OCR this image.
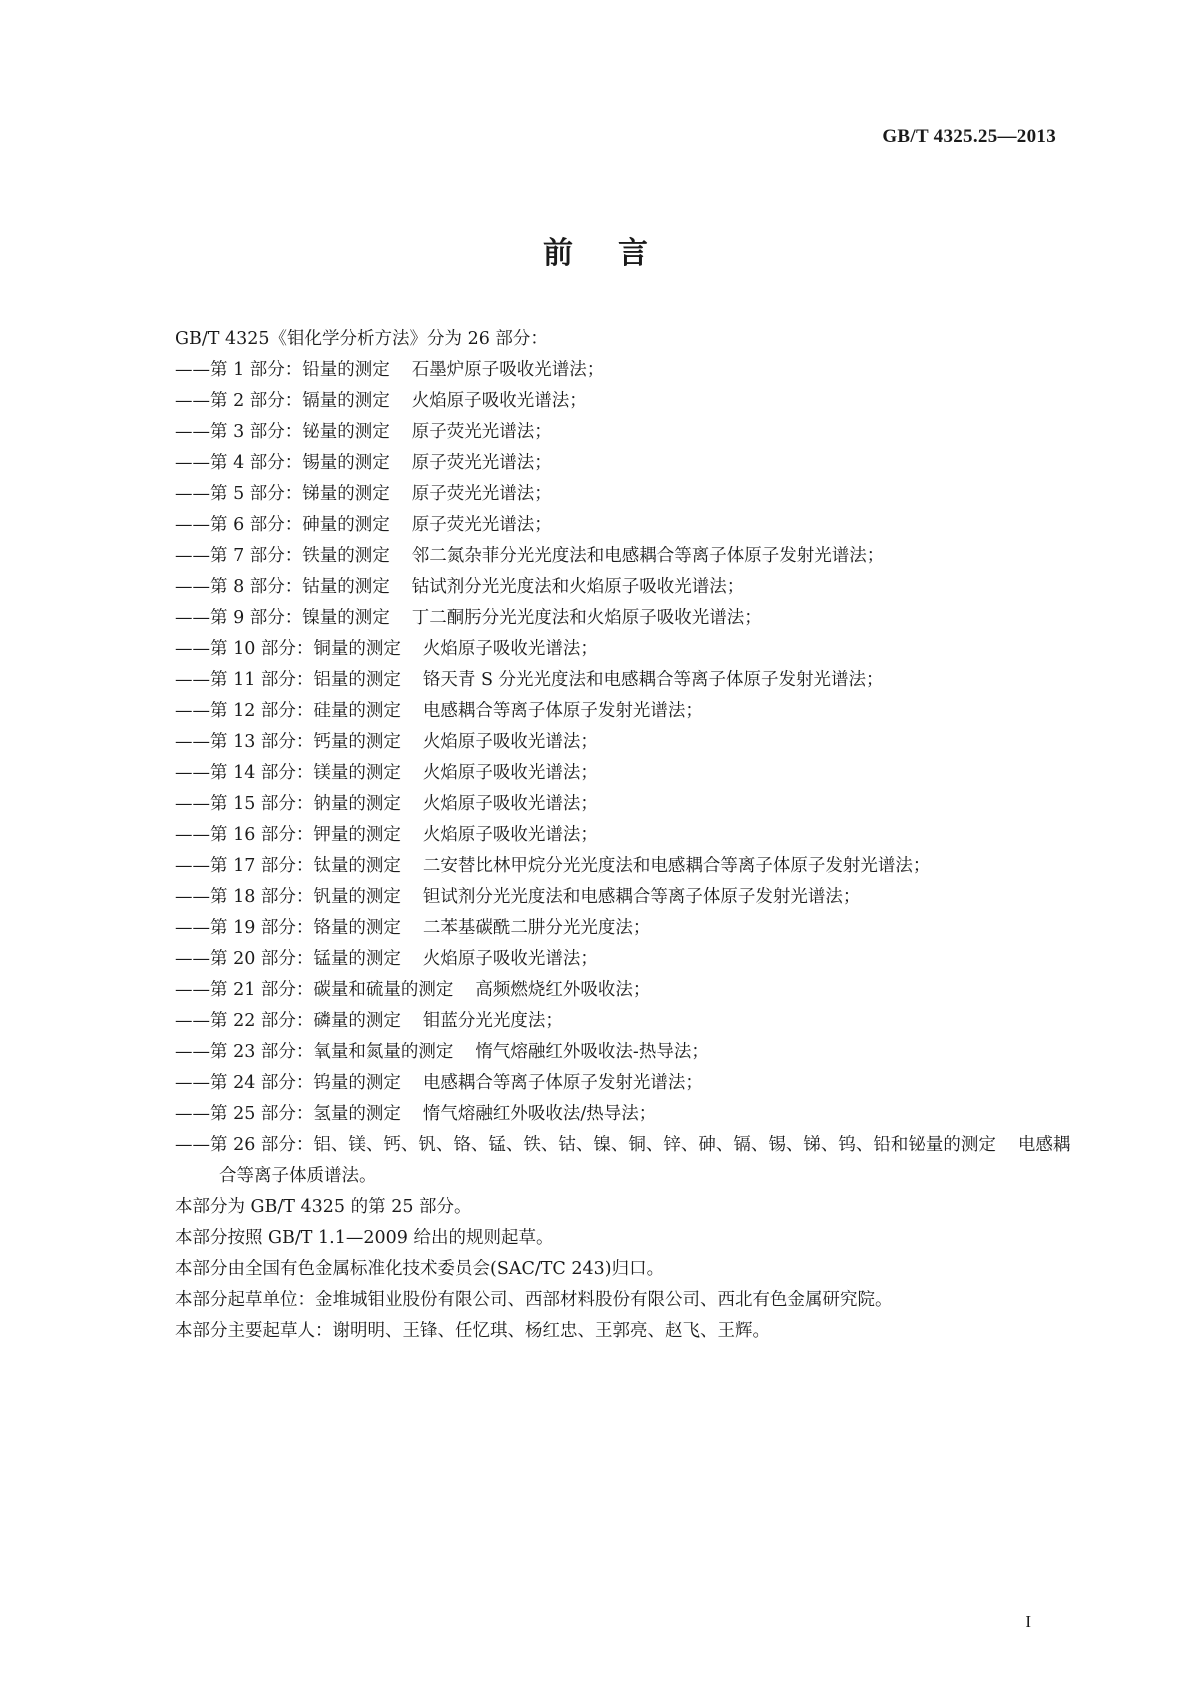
GB/T 4325.25—2013
前言
GB/T 4325《钼化学分析方法》分为 26 部分：
——第 1 部分：铅量的测定 石墨炉原子吸收光谱法；
——第 2 部分：镉量的测定 火焰原子吸收光谱法；
——第 3 部分：铋量的测定 原子荧光光谱法；
——第 4 部分：锡量的测定 原子荧光光谱法；
——第 5 部分：锑量的测定 原子荧光光谱法；
——第 6 部分：砷量的测定 原子荧光光谱法；
——第 7 部分：铁量的测定 邻二氮杂菲分光光度法和电感耦合等离子体原子发射光谱法；
——第 8 部分：钴量的测定 钴试剂分光光度法和火焰原子吸收光谱法；
——第 9 部分：镍量的测定 丁二酮肟分光光度法和火焰原子吸收光谱法；
——第 10 部分：铜量的测定 火焰原子吸收光谱法；
——第 11 部分：铝量的测定 铬天青 S 分光光度法和电感耦合等离子体原子发射光谱法；
——第 12 部分：硅量的测定 电感耦合等离子体原子发射光谱法；
——第 13 部分：钙量的测定 火焰原子吸收光谱法；
——第 14 部分：镁量的测定 火焰原子吸收光谱法；
——第 15 部分：钠量的测定 火焰原子吸收光谱法；
——第 16 部分：钾量的测定 火焰原子吸收光谱法；
——第 17 部分：钛量的测定 二安替比林甲烷分光光度法和电感耦合等离子体原子发射光谱法；
——第 18 部分：钒量的测定 钽试剂分光光度法和电感耦合等离子体原子发射光谱法；
——第 19 部分：铬量的测定 二苯基碳酰二肼分光光度法；
——第 20 部分：锰量的测定 火焰原子吸收光谱法；
——第 21 部分：碳量和硫量的测定 高频燃烧红外吸收法；
——第 22 部分：磷量的测定 钼蓝分光光度法；
——第 23 部分：氧量和氮量的测定 惰气熔融红外吸收法-热导法；
——第 24 部分：钨量的测定 电感耦合等离子体原子发射光谱法；
——第 25 部分：氢量的测定 惰气熔融红外吸收法/热导法；
——第 26 部分：铝、镁、钙、钒、铬、锰、铁、钴、镍、铜、锌、砷、镉、锡、锑、钨、铅和铋量的测定 电感耦
合等离子体质谱法。
本部分为 GB/T 4325 的第 25 部分。
本部分按照 GB/T 1.1—2009 给出的规则起草。
本部分由全国有色金属标准化技术委员会(SAC/TC 243)归口。
本部分起草单位：金堆城钼业股份有限公司、西部材料股份有限公司、西北有色金属研究院。
本部分主要起草人：谢明明、王锋、任忆琪、杨红忠、王郭亮、赵飞、王辉。
I
